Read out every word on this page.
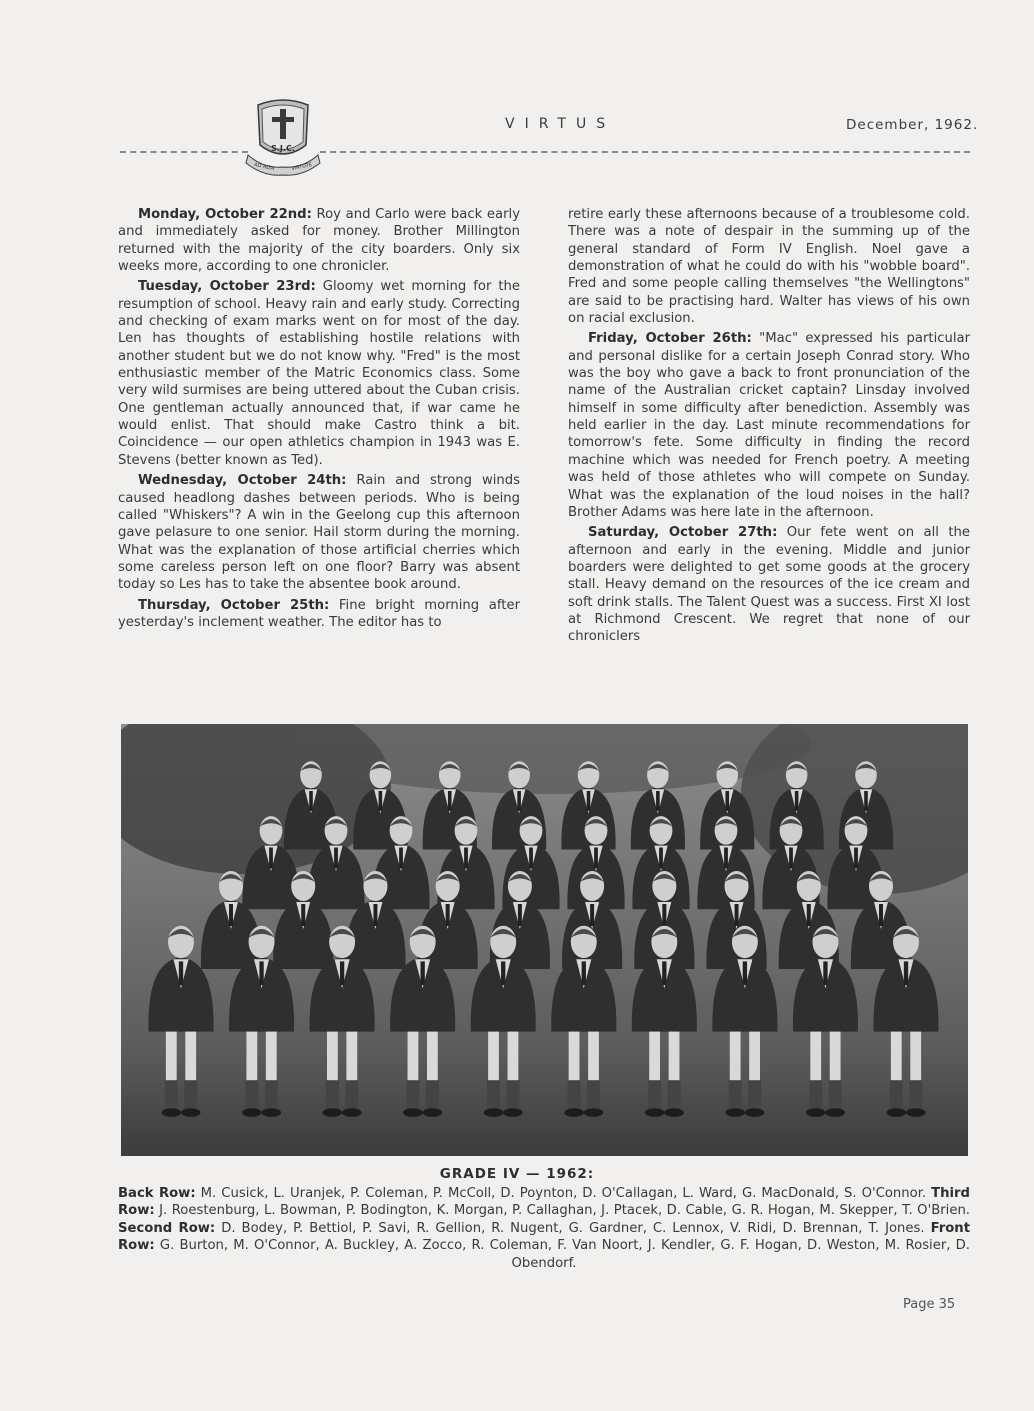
S.J.C.
AD ALTA	VIRTUTE
VIRTUS	December, 1962.

Monday, October 22nd: Roy and Carlo were back early and immediately asked for money. Brother Millington returned with the majority of the city boarders. Only six weeks more, according to one chronicler.

Tuesday, October 23rd: Gloomy wet morning for the resumption of school. Heavy rain and early study. Correcting and checking of exam marks went on for most of the day. Len has thoughts of establishing hostile relations with another student but we do not know why. "Fred" is the most enthusiastic member of the Matric Economics class. Some very wild surmises are being uttered about the Cuban crisis. One gentleman actually announced that, if war came he would enlist. That should make Castro think a bit. Coincidence — our open athletics champion in 1943 was E. Stevens (better known as Ted).

Wednesday, October 24th: Rain and strong winds caused headlong dashes between periods. Who is being called "Whiskers"? A win in the Geelong cup this afternoon gave pelasure to one senior. Hail storm during the morning. What was the explanation of those artificial cherries which some careless person left on one floor? Barry was absent today so Les has to take the absentee book around.

Thursday, October 25th: Fine bright morning after yesterday's inclement weather. The editor has to

retire early these afternoons because of a troublesome cold. There was a note of despair in the summing up of the general standard of Form IV English. Noel gave a demonstration of what he could do with his "wobble board". Fred and some people calling themselves "the Wellingtons" are said to be practising hard. Walter has views of his own on racial exclusion.

Friday, October 26th: "Mac" expressed his particular and personal dislike for a certain Joseph Conrad story. Who was the boy who gave a back to front pronunciation of the name of the Australian cricket captain? Linsday involved himself in some difficulty after benediction. Assembly was held earlier in the day. Last minute recommendations for tomorrow's fete. Some difficulty in finding the record machine which was needed for French poetry. A meeting was held of those athletes who will compete on Sunday. What was the explanation of the loud noises in the hall? Brother Adams was here late in the afternoon.

Saturday, October 27th: Our fete went on all the afternoon and early in the evening. Middle and junior boarders were delighted to get some goods at the grocery stall. Heavy demand on the resources of the ice cream and soft drink stalls. The Talent Quest was a success. First XI lost at Richmond Crescent. We regret that none of our chroniclers

GRADE IV — 1962:
Back Row: M. Cusick, L. Uranjek, P. Coleman, P. McColl, D. Poynton, D. O'Callagan, L. Ward, G. MacDonald, S. O'Connor. Third Row: J. Roestenburg, L. Bowman, P. Bodington, K. Morgan, P. Callaghan, J. Ptacek, D. Cable, G. R. Hogan, M. Skepper, T. O'Brien. Second Row: D. Bodey, P. Bettiol, P. Savi, R. Gellion, R. Nugent, G. Gardner, C. Lennox, V. Ridi, D. Brennan, T. Jones. Front Row: G. Burton, M. O'Connor, A. Buckley, A. Zocco, R. Coleman, F. Van Noort, J. Kendler, G. F. Hogan, D. Weston, M. Rosier, D. Obendorf.
Page 35
